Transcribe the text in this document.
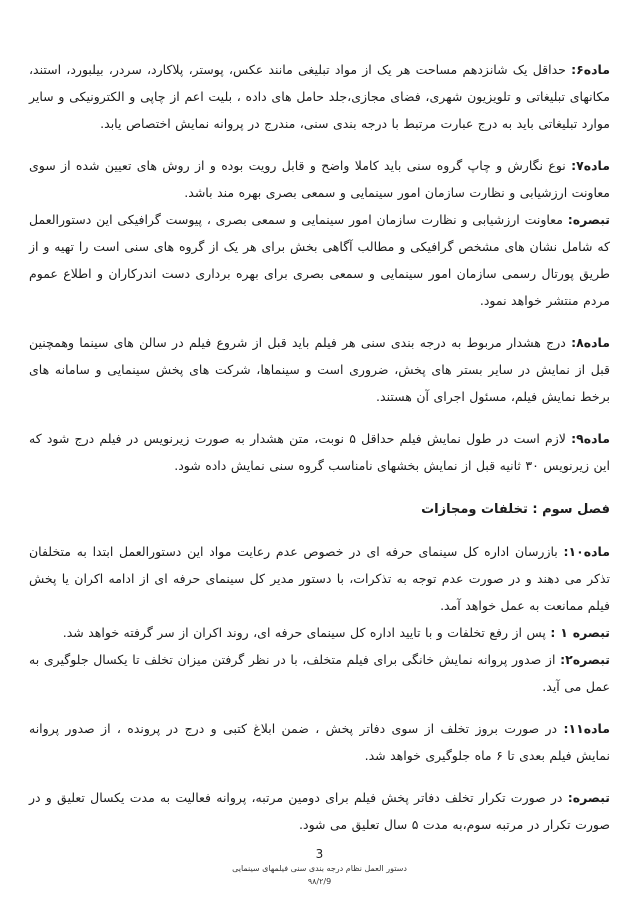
ماده۶: حداقل یک شانزدهم مساحت هر یک از مواد تبلیغی مانند عکس، پوستر، پلاکارد، سردر، بیلبورد، استند، مکانهای تبلیغاتی و تلویزیون شهری، فضای مجازی،جلد حامل های داده ، بلیت اعم از چاپی و الکترونیکی و سایر موارد تبلیغاتی باید به درج عبارت مرتبط با درجه بندی سنی، مندرج در پروانه نمایش اختصاص یابد.

ماده۷: نوع نگارش و چاپ گروه سنی باید کاملا واضح و قابل رویت بوده و از روش های تعیین شده از سوی معاونت ارزشیابی و نظارت سازمان امور سینمایی و سمعی بصری بهره مند باشد.

تبصره: معاونت ارزشیابی و نظارت سازمان امور سینمایی و سمعی بصری ، پیوست گرافیکی این دستورالعمل که شامل نشان های مشخص گرافیکی و مطالب آگاهی بخش برای هر یک از گروه های سنی است را تهیه و از طریق پورتال رسمی سازمان امور سینمایی و سمعی بصری برای بهره برداری دست اندرکاران و اطلاع عموم مردم منتشر خواهد نمود.

ماده۸: درج هشدار مربوط به درجه بندی سنی هر فیلم باید قبل از شروع فیلم در سالن های سینما وهمچنین قبل از نمایش در سایر بستر های پخش، ضروری است و سینماها، شرکت های پخش سینمایی و سامانه های برخط نمایش فیلم، مسئول اجرای آن هستند.

ماده۹: لازم است در طول نمایش فیلم حداقل ۵ نوبت، متن هشدار به صورت زیرنویس در فیلم درج شود که این زیرنویس ۳۰ ثانیه قبل از نمایش بخشهای نامناسب گروه سنی نمایش داده شود.

فصل سوم : تخلفات ومجازات

ماده۱۰: بازرسان اداره کل سینمای حرفه ای در خصوص عدم رعایت مواد این دستورالعمل ابتدا به متخلفان تذکر می دهند و در صورت عدم توجه به تذکرات، با دستور مدیر کل سینمای حرفه ای از ادامه اکران یا پخش فیلم ممانعت به عمل خواهد آمد.

تبصره ۱ : پس از رفع تخلفات و با تایید اداره کل سینمای حرفه ای، روند اکران از سر گرفته خواهد شد.

تبصره۲: از صدور پروانه نمایش خانگی برای فیلم متخلف، با در نظر گرفتن میزان تخلف تا یکسال جلوگیری به عمل می آید.

ماده۱۱: در صورت بروز تخلف از سوی دفاتر پخش ، ضمن ابلاغ کتبی و درج در پرونده ، از صدور پروانه نمایش فیلم بعدی تا ۶ ماه جلوگیری خواهد شد.

تبصره: در صورت تکرار تخلف دفاتر پخش فیلم برای دومین مرتبه، پروانه فعالیت به مدت یکسال تعلیق و در صورت تکرار در مرتبه سوم،به مدت ۵ سال تعلیق می شود.

3
دستور العمل نظام درجه بندی سنی فیلمهای سینمایی
۹۸/۲/9
